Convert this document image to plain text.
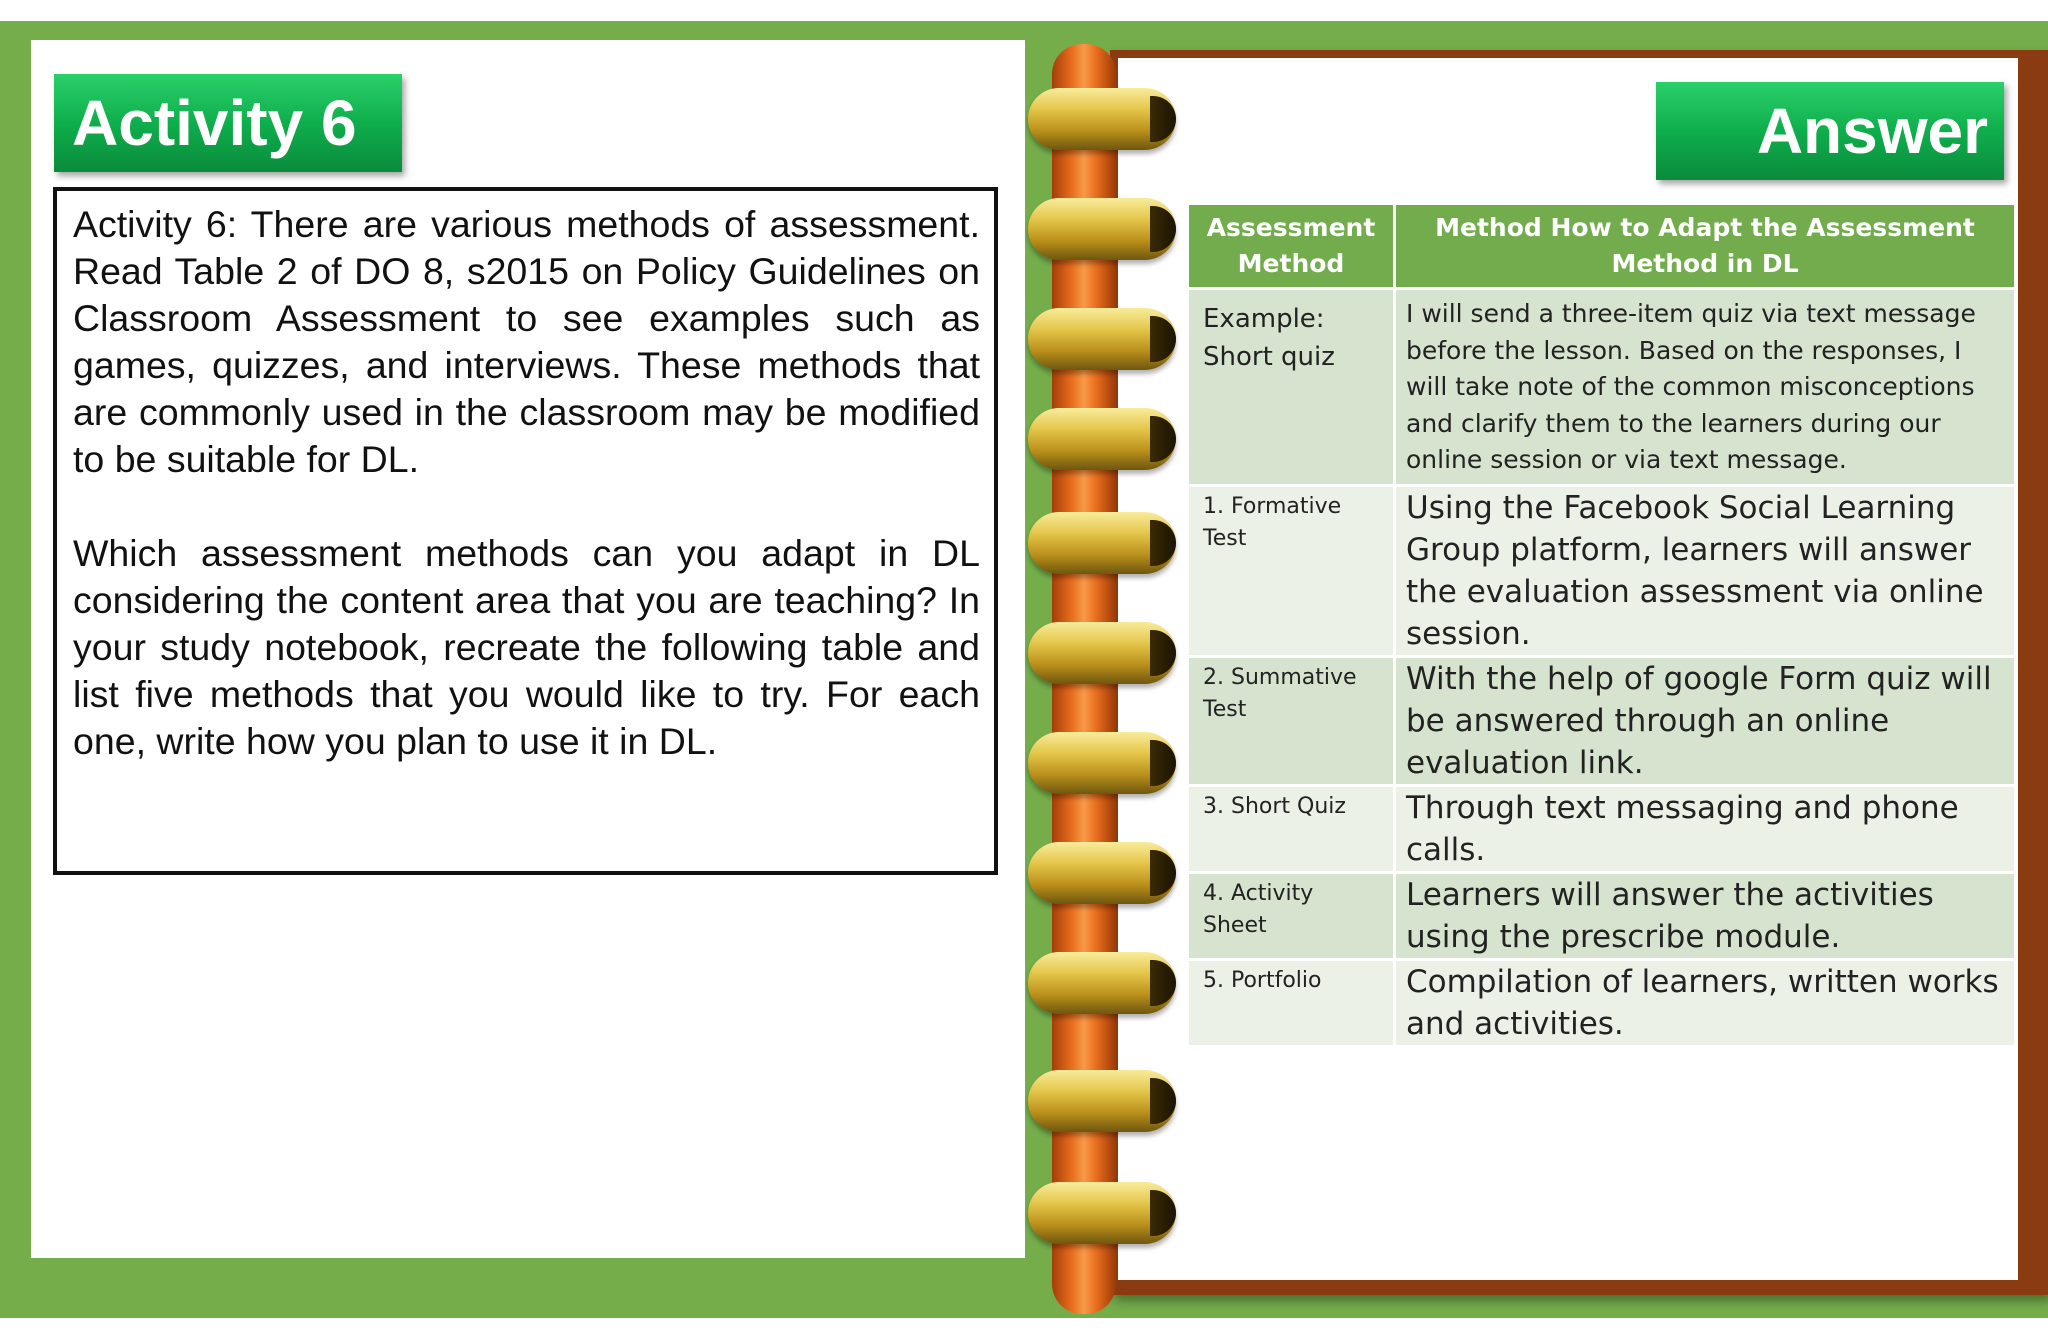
Activity 6

Activity 6: There are various methods of assessment. Read Table 2 of DO 8, s2015 on Policy Guidelines on Classroom Assessment to see examples such as games, quizzes, and interviews. These methods that are commonly used in the classroom may be modified to be suitable for DL.

Which assessment methods can you adapt in DL considering the content area that you are teaching? In your study notebook, recreate the following table and list five methods that you would like to try. For each one, write how you plan to use it in DL.

Answer
Assessment Method	Method How to Adapt the Assessment Method in DL
Example: Short quiz	I will send a three-item quiz via text message before the lesson. Based on the responses, I will take note of the common misconceptions and clarify them to the learners during our online session or via text message.
1. Formative Test	Using the Facebook Social Learning Group platform, learners will answer the evaluation assessment via online session.
2. Summative Test	With the help of google Form quiz will be answered through an online evaluation link.
3. Short Quiz	Through text messaging and phone calls.
4. Activity Sheet	Learners will answer the activities using the prescribe module.
5. Portfolio	Compilation of learners, written works and activities.
